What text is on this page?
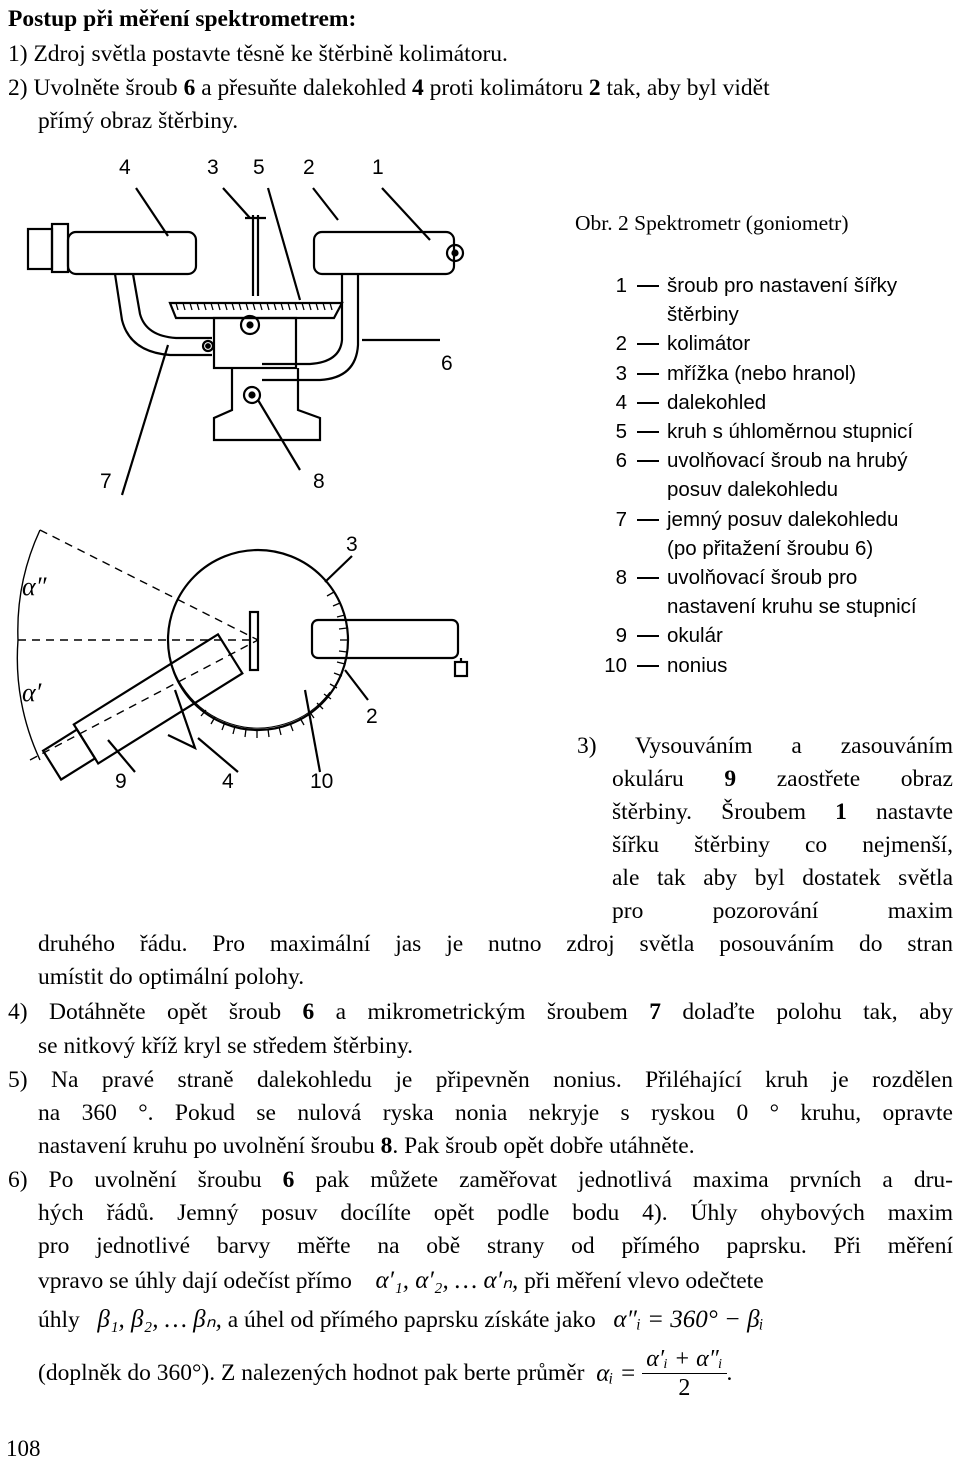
Postup při měření spektrometrem:
1) Zdroj světla postavte těsně ke štěrbině kolimátoru.
2) Uvolněte šroub 6 a přesuňte dalekohled 4 proti kolimátoru 2 tak, aby byl vidět
přímý obraz štěrbiny.
4	3 5 2	1
6
7	8
3
2
9	4	10
α″
α′
Obr. 2 Spektrometr (goniometr)
1 šroub pro nastavení šířky
štěrbiny
2 kolimátor
3 mřížka (nebo hranol)
4 dalekohled
5 kruh s úhloměrnou stupnicí
6 uvolňovací šroub na hrubý
posuv dalekohledu
7 jemný posuv dalekohledu
(po přitažení šroubu 6)
8 uvolňovací šroub pro
nastavení kruhu se stupnicí
9 okulár
10 nonius
3) Vysouváním a zasouváním
okuláru 9 zaostřete obraz
štěrbiny. Šroubem 1 nastavte
šířku štěrbiny co nejmenší,
ale tak aby byl dostatek světla
pro pozorování maxim
druhého řádu. Pro maximální jas je nutno zdroj světla posouváním do stran
umístit do optimální polohy.
4) Dotáhněte opět šroub 6 a mikrometrickým šroubem 7 dolaďte polohu tak, aby
se nitkový kříž kryl se středem štěrbiny.
5) Na pravé straně dalekohledu je připevněn nonius. Přiléhající kruh je rozdělen
na 360 °. Pokud se nulová ryska nonia nekryje s ryskou 0 ° kruhu, opravte
nastavení kruhu po uvolnění šroubu 8. Pak šroub opět dobře utáhněte.
6) Po uvolnění šroubu 6 pak můžete zaměřovat jednotlivá maxima prvních a dru-
hých řádů. Jemný posuv docílíte opět podle bodu 4). Úhly ohybových maxim
pro jednotlivé barvy měřte na obě strany od přímého paprsku. Při měření
vpravo se úhly dají odečíst přímo α′₁, α′₂, … α′ₙ, při měření vlevo odečtete
úhly β₁, β₂, … βₙ, a úhel od přímého paprsku získáte jako α″ᵢ = 360° − βᵢ
(doplněk do 360°). Z nalezených hodnot pak berte průměr αᵢ = $\frac{\text{α′ᵢ + α″ᵢ}}{2}$ .
108
